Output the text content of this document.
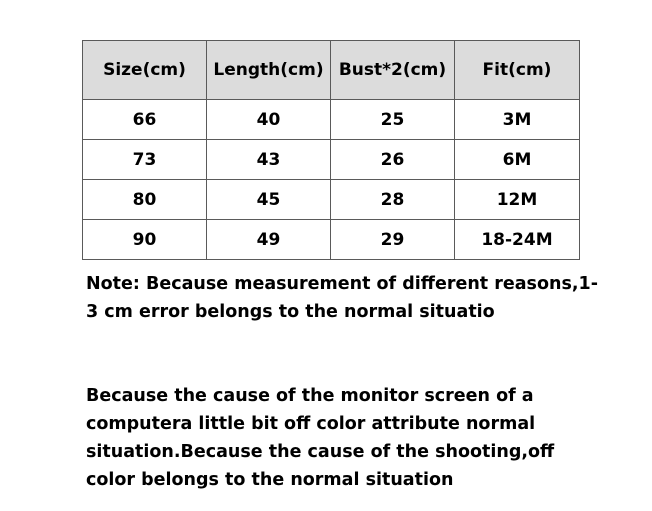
Size(cm)	Length(cm)	Bust*2(cm)	Fit(cm)
66	40	25	3M
73	43	26	6M
80	45	28	12M
90	49	29	18-24M

Note: Because measurement of different reasons,1-3 cm error belongs to the normal situatio

Because the cause of the monitor screen of a computera little bit off color attribute normal situation.Because the cause of the shooting,off color belongs to the normal situation
